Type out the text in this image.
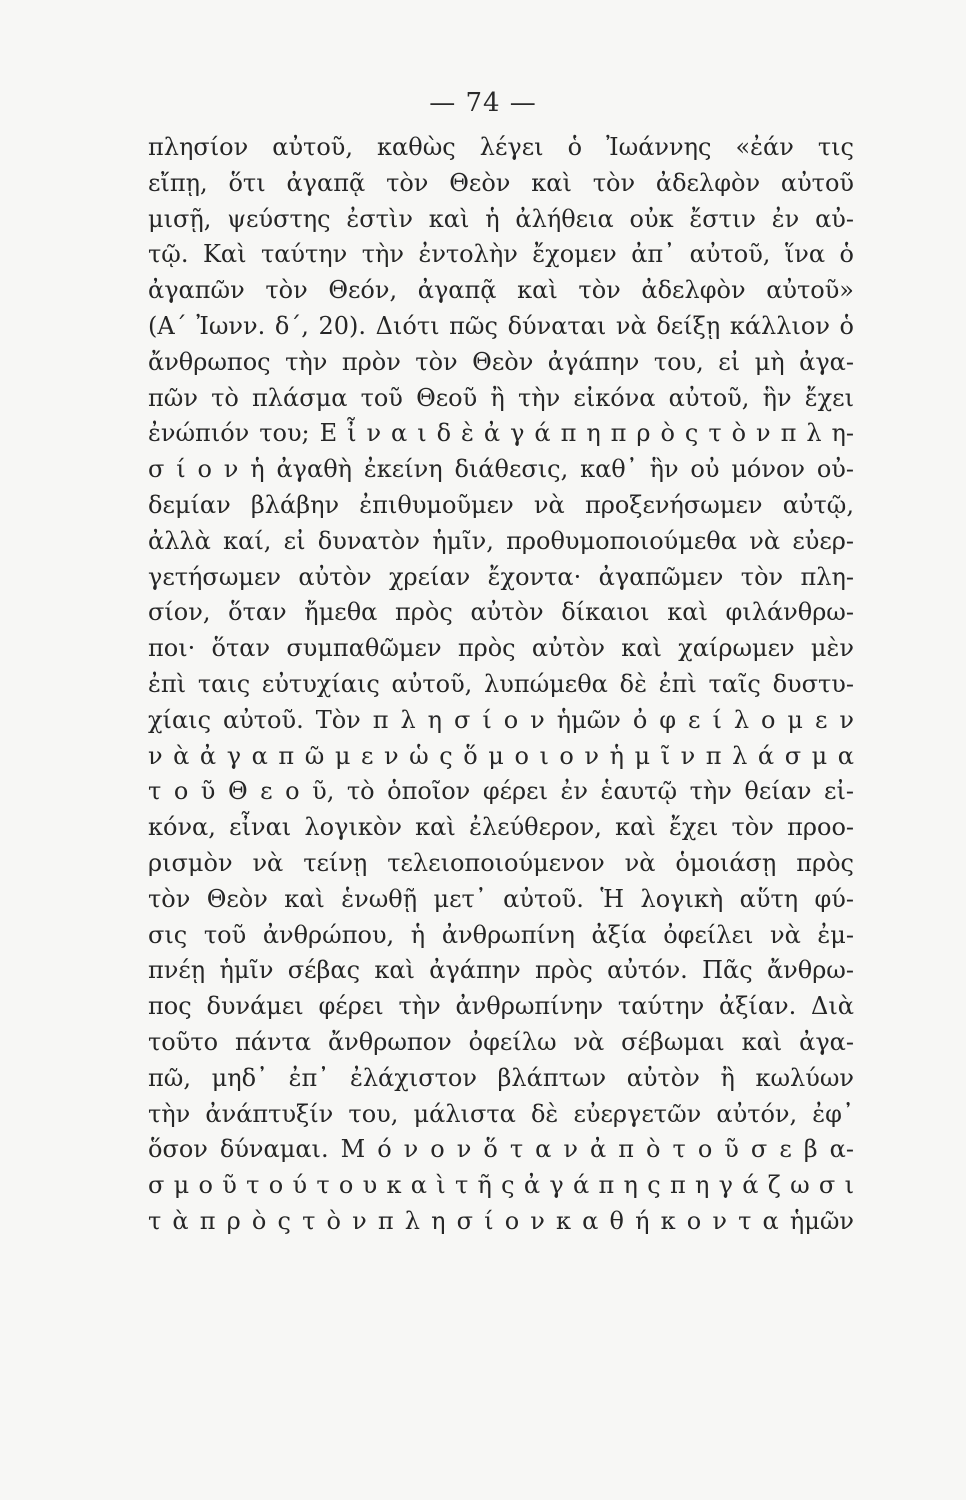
— 74 —
πλησίον αὐτοῦ, καθὼς λέγει ὁ Ἰωάννης «ἐάν τις
εἴπῃ, ὅτι ἀγαπᾷ τὸν Θεὸν καὶ τὸν ἀδελφὸν αὐτοῦ
μισῇ, ψεύστης ἐστὶν καὶ ἡ ἀλήθεια οὐκ ἔστιν ἐν αὐ-
τῷ. Καὶ ταύτην τὴν ἐντολὴν ἔχομεν ἀπ᾽ αὐτοῦ, ἵνα ὁ
ἀγαπῶν τὸν Θεόν, ἀγαπᾷ καὶ τὸν ἀδελφὸν αὐτοῦ»
(Α΄ Ἰωνν. δ΄, 20). Διότι πῶς δύναται νὰ δείξῃ κάλλιον ὁ
ἄνθρωπος τὴν πρὸν τὸν Θεὸν ἀγάπην του, εἰ μὴ ἀγα-
πῶν τὸ πλάσμα τοῦ Θεοῦ ἢ τὴν εἰκόνα αὐτοῦ, ἣν ἔχει
ἐνώπιόν του; Ε ἶ ν α ι δ ὲ ἀ γ ά π η π ρ ὸ ς τ ὸ ν π λ η-
σ ί ο ν ἡ ἀγαθὴ ἐκείνη διάθεσις, καθ᾽ ἣν οὐ μόνον οὐ-
δεμίαν βλάβην ἐπιθυμοῦμεν νὰ προξενήσωμεν αὐτῷ,
ἀλλὰ καί, εἰ δυνατὸν ἡμῖν, προθυμοποιούμεθα νὰ εὐερ-
γετήσωμεν αὐτὸν χρείαν ἔχοντα· ἀγαπῶμεν τὸν πλη-
σίον, ὅταν ἤμεθα πρὸς αὐτὸν δίκαιοι καὶ φιλάνθρω-
ποι· ὅταν συμπαθῶμεν πρὸς αὐτὸν καὶ χαίρωμεν μὲν
ἐπὶ ταις εὐτυχίαις αὐτοῦ, λυπώμεθα δὲ ἐπὶ ταῖς δυστυ-
χίαις αὐτοῦ. Τὸν π λ η σ ί ο ν ἡμῶν ὀ φ ε ί λ ο μ ε ν
ν ὰ ἀ γ α π ῶ μ ε ν ὡ ς ὅ μ ο ι ο ν ἡ μ ῖ ν π λ ά σ μ α
τ ο ῦ Θ ε ο ῦ, τὸ ὁποῖον φέρει ἐν ἑαυτῷ τὴν θείαν εἰ-
κόνα, εἶναι λογικὸν καὶ ἐλεύθερον, καὶ ἔχει τὸν προο-
ρισμὸν νὰ τείνῃ τελειοποιούμενον νὰ ὁμοιάσῃ πρὸς
τὸν Θεὸν καὶ ἑνωθῇ μετ᾽ αὐτοῦ. Ἡ λογικὴ αὕτη φύ-
σις τοῦ ἀνθρώπου, ἡ ἀνθρωπίνη ἀξία ὀφείλει νὰ ἐμ-
πνέῃ ἡμῖν σέβας καὶ ἀγάπην πρὸς αὐτόν. Πᾶς ἄνθρω-
πος δυνάμει φέρει τὴν ἀνθρωπίνην ταύτην ἀξίαν. Διὰ
τοῦτο πάντα ἄνθρωπον ὀφείλω νὰ σέβωμαι καὶ ἀγα-
πῶ, μηδ᾽ ἐπ᾽ ἐλάχιστον βλάπτων αὐτὸν ἢ κωλύων
τὴν ἀνάπτυξίν του, μάλιστα δὲ εὐεργετῶν αὐτόν, ἐφ᾽
ὅσον δύναμαι. Μ ό ν ο ν ὅ τ α ν ἀ π ὸ τ ο ῦ σ ε β α-
σ μ ο ῦ τ ο ύ τ ο υ κ α ὶ τ ῆ ς ἀ γ ά π η ς π η γ ά ζ ω σ ι
τ ὰ π ρ ὸ ς τ ὸ ν π λ η σ ί ο ν κ α θ ή κ ο ν τ α ἡμῶν
